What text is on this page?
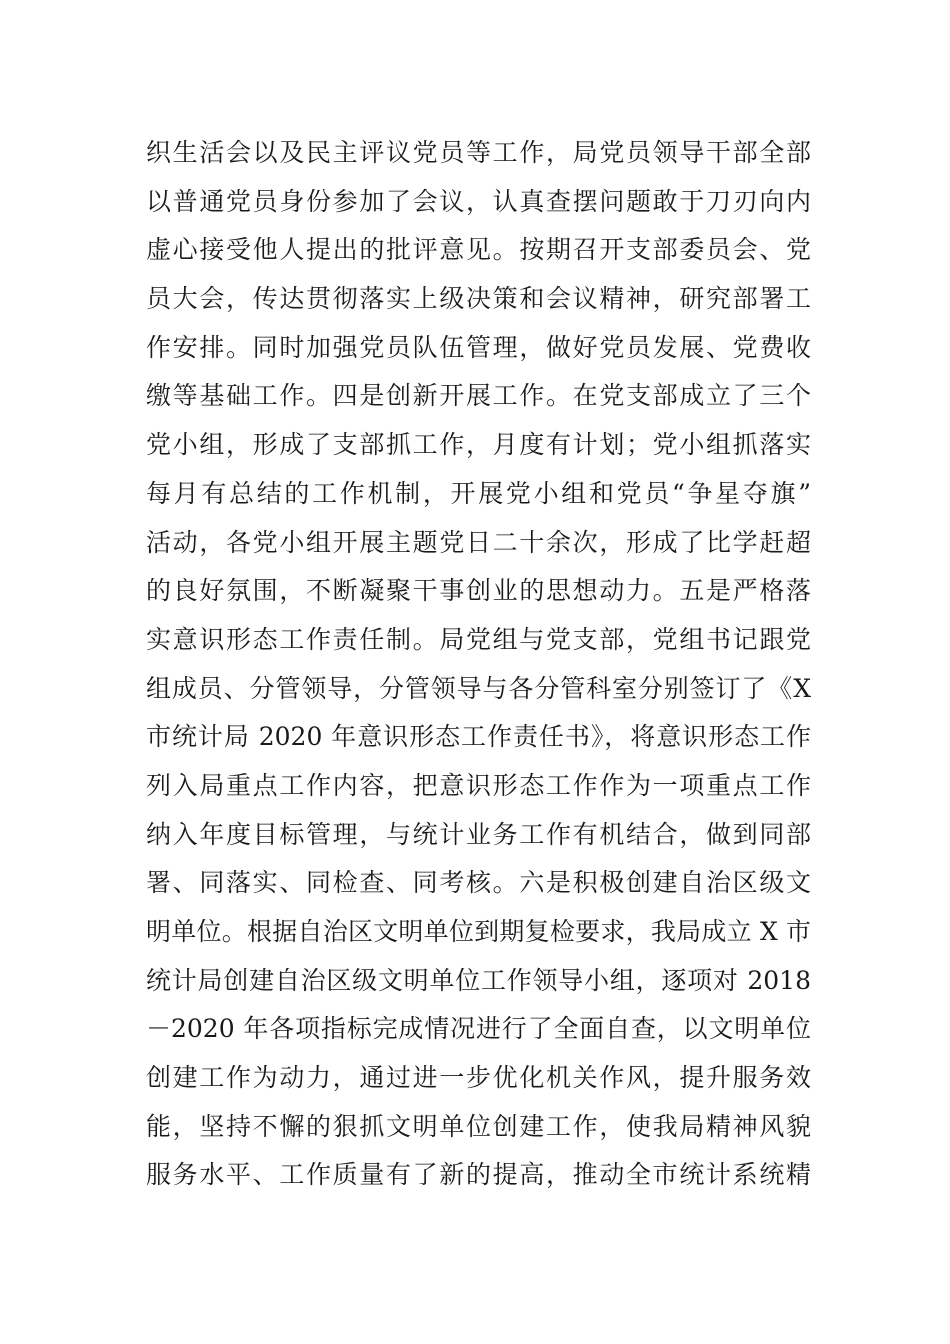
织生活会以及民主评议党员等工作，局党员领导干部全部
以普通党员身份参加了会议，认真查摆问题敢于刀刃向内
虚心接受他人提出的批评意见。按期召开支部委员会、党
员大会，传达贯彻落实上级决策和会议精神，研究部署工
作安排。同时加强党员队伍管理，做好党员发展、党费收
缴等基础工作。四是创新开展工作。在党支部成立了三个
党小组，形成了支部抓工作，月度有计划；党小组抓落实
每月有总结的工作机制，开展党小组和党员“争星夺旗”
活动，各党小组开展主题党日二十余次，形成了比学赶超
的良好氛围，不断凝聚干事创业的思想动力。五是严格落
实意识形态工作责任制。局党组与党支部，党组书记跟党
组成员、分管领导，分管领导与各分管科室分别签订了《X
市统计局 2020 年意识形态工作责任书》，将意识形态工作
列入局重点工作内容，把意识形态工作作为一项重点工作
纳入年度目标管理，与统计业务工作有机结合，做到同部
署、同落实、同检查、同考核。六是积极创建自治区级文
明单位。根据自治区文明单位到期复检要求，我局成立 X 市
统计局创建自治区级文明单位工作领导小组，逐项对 2018
－2020 年各项指标完成情况进行了全面自查，以文明单位
创建工作为动力，通过进一步优化机关作风，提升服务效
能，坚持不懈的狠抓文明单位创建工作，使我局精神风貌
服务水平、工作质量有了新的提高，推动全市统计系统精
